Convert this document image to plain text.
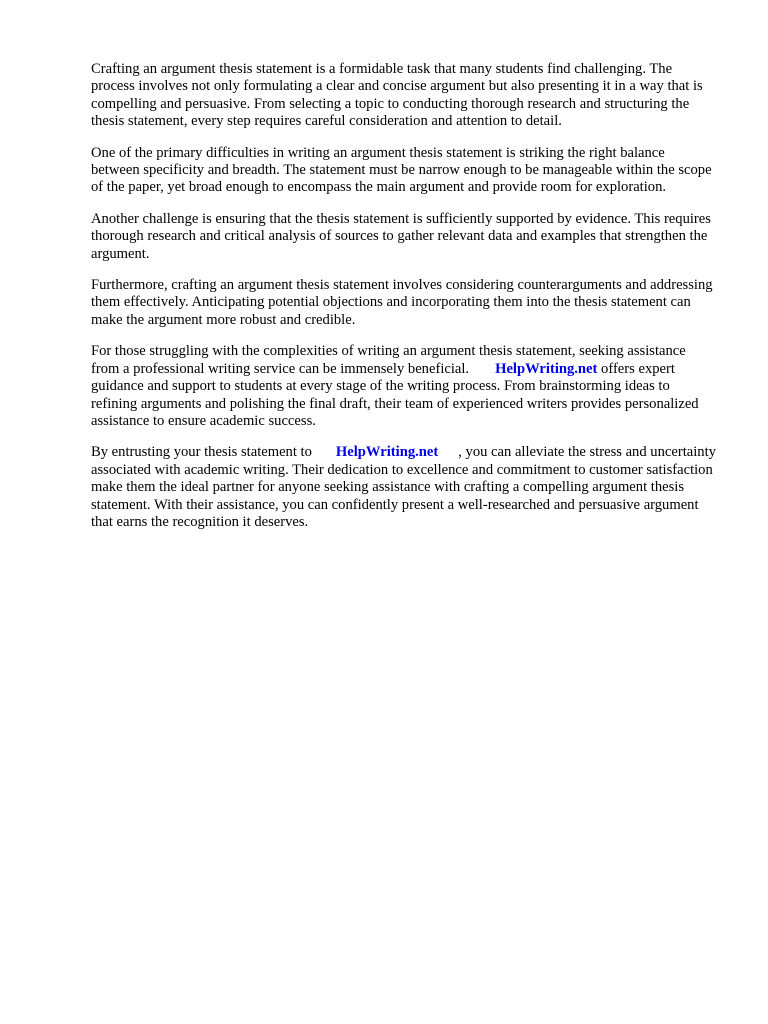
Crafting an argument thesis statement is a formidable task that many students find challenging. The process involves not only formulating a clear and concise argument but also presenting it in a way that is compelling and persuasive. From selecting a topic to conducting thorough research and structuring the thesis statement, every step requires careful consideration and attention to detail.

One of the primary difficulties in writing an argument thesis statement is striking the right balance between specificity and breadth. The statement must be narrow enough to be manageable within the scope of the paper, yet broad enough to encompass the main argument and provide room for exploration.

Another challenge is ensuring that the thesis statement is sufficiently supported by evidence. This requires thorough research and critical analysis of sources to gather relevant data and examples that strengthen the argument.

Furthermore, crafting an argument thesis statement involves considering counterarguments and addressing them effectively. Anticipating potential objections and incorporating them into the thesis statement can make the argument more robust and credible.

For those struggling with the complexities of writing an argument thesis statement, seeking assistance from a professional writing service can be immensely beneficial. HelpWriting.net offers expert guidance and support to students at every stage of the writing process. From brainstorming ideas to refining arguments and polishing the final draft, their team of experienced writers provides personalized assistance to ensure academic success.

By entrusting your thesis statement to HelpWriting.net , you can alleviate the stress and uncertainty associated with academic writing. Their dedication to excellence and commitment to customer satisfaction make them the ideal partner for anyone seeking assistance with crafting a compelling argument thesis statement. With their assistance, you can confidently present a well-researched and persuasive argument that earns the recognition it deserves.
